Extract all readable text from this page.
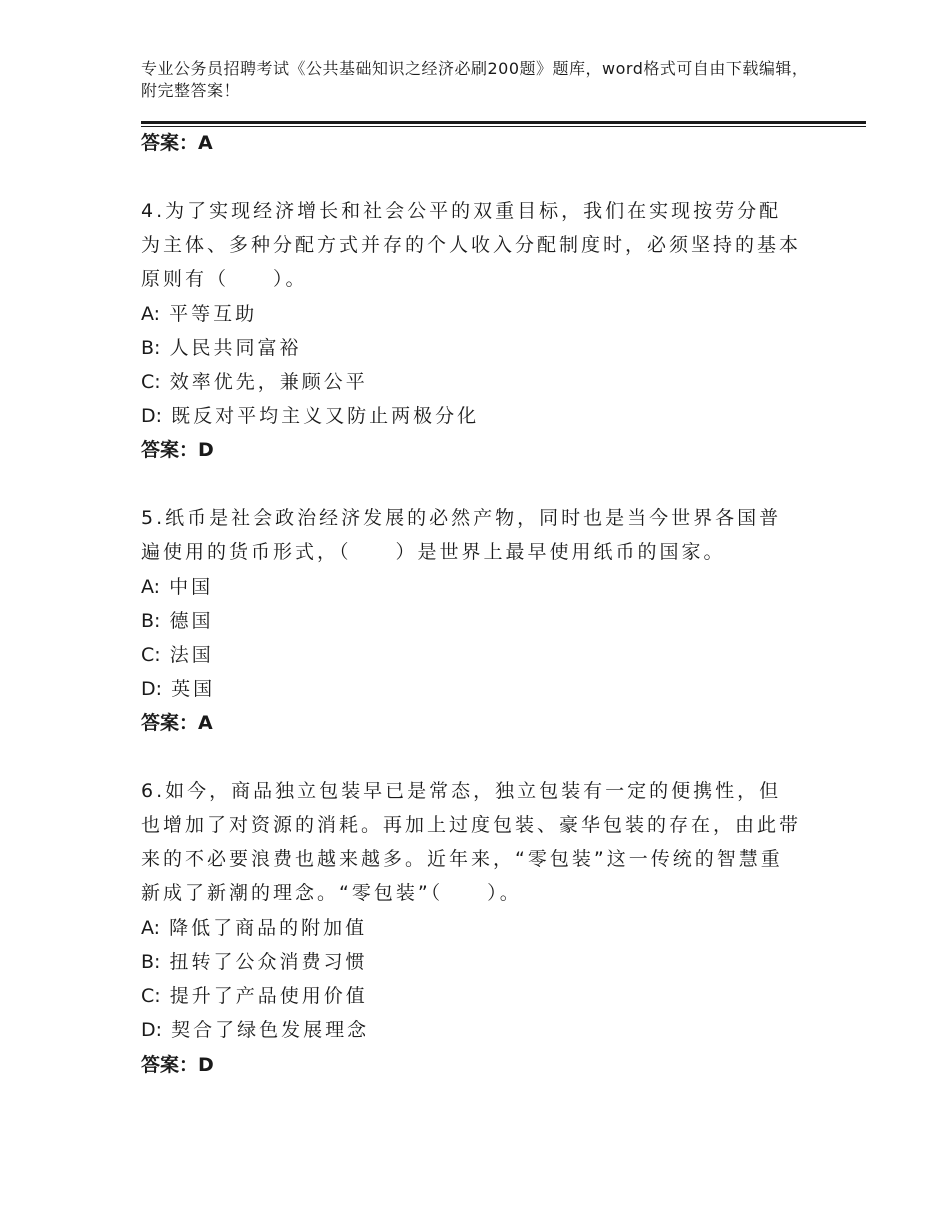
专业公务员招聘考试《公共基础知识之经济必刷200题》题库，word格式可自由下载编辑，附完整答案！
答案：A
4.为了实现经济增长和社会公平的双重目标，我们在实现按劳分配为主体、多种分配方式并存的个人收入分配制度时，必须坚持的基本原则有（　　）。
A: 平等互助
B: 人民共同富裕
C: 效率优先，兼顾公平
D: 既反对平均主义又防止两极分化
答案：D
5.纸币是社会政治经济发展的必然产物，同时也是当今世界各国普遍使用的货币形式，（　　）是世界上最早使用纸币的国家。
A: 中国
B: 德国
C: 法国
D: 英国
答案：A
6.如今，商品独立包装早已是常态，独立包装有一定的便携性，但也增加了对资源的消耗。再加上过度包装、豪华包装的存在，由此带来的不必要浪费也越来越多。近年来，“零包装”这一传统的智慧重新成了新潮的理念。“零包装”（　　）。
A: 降低了商品的附加值
B: 扭转了公众消费习惯
C: 提升了产品使用价值
D: 契合了绿色发展理念
答案：D
